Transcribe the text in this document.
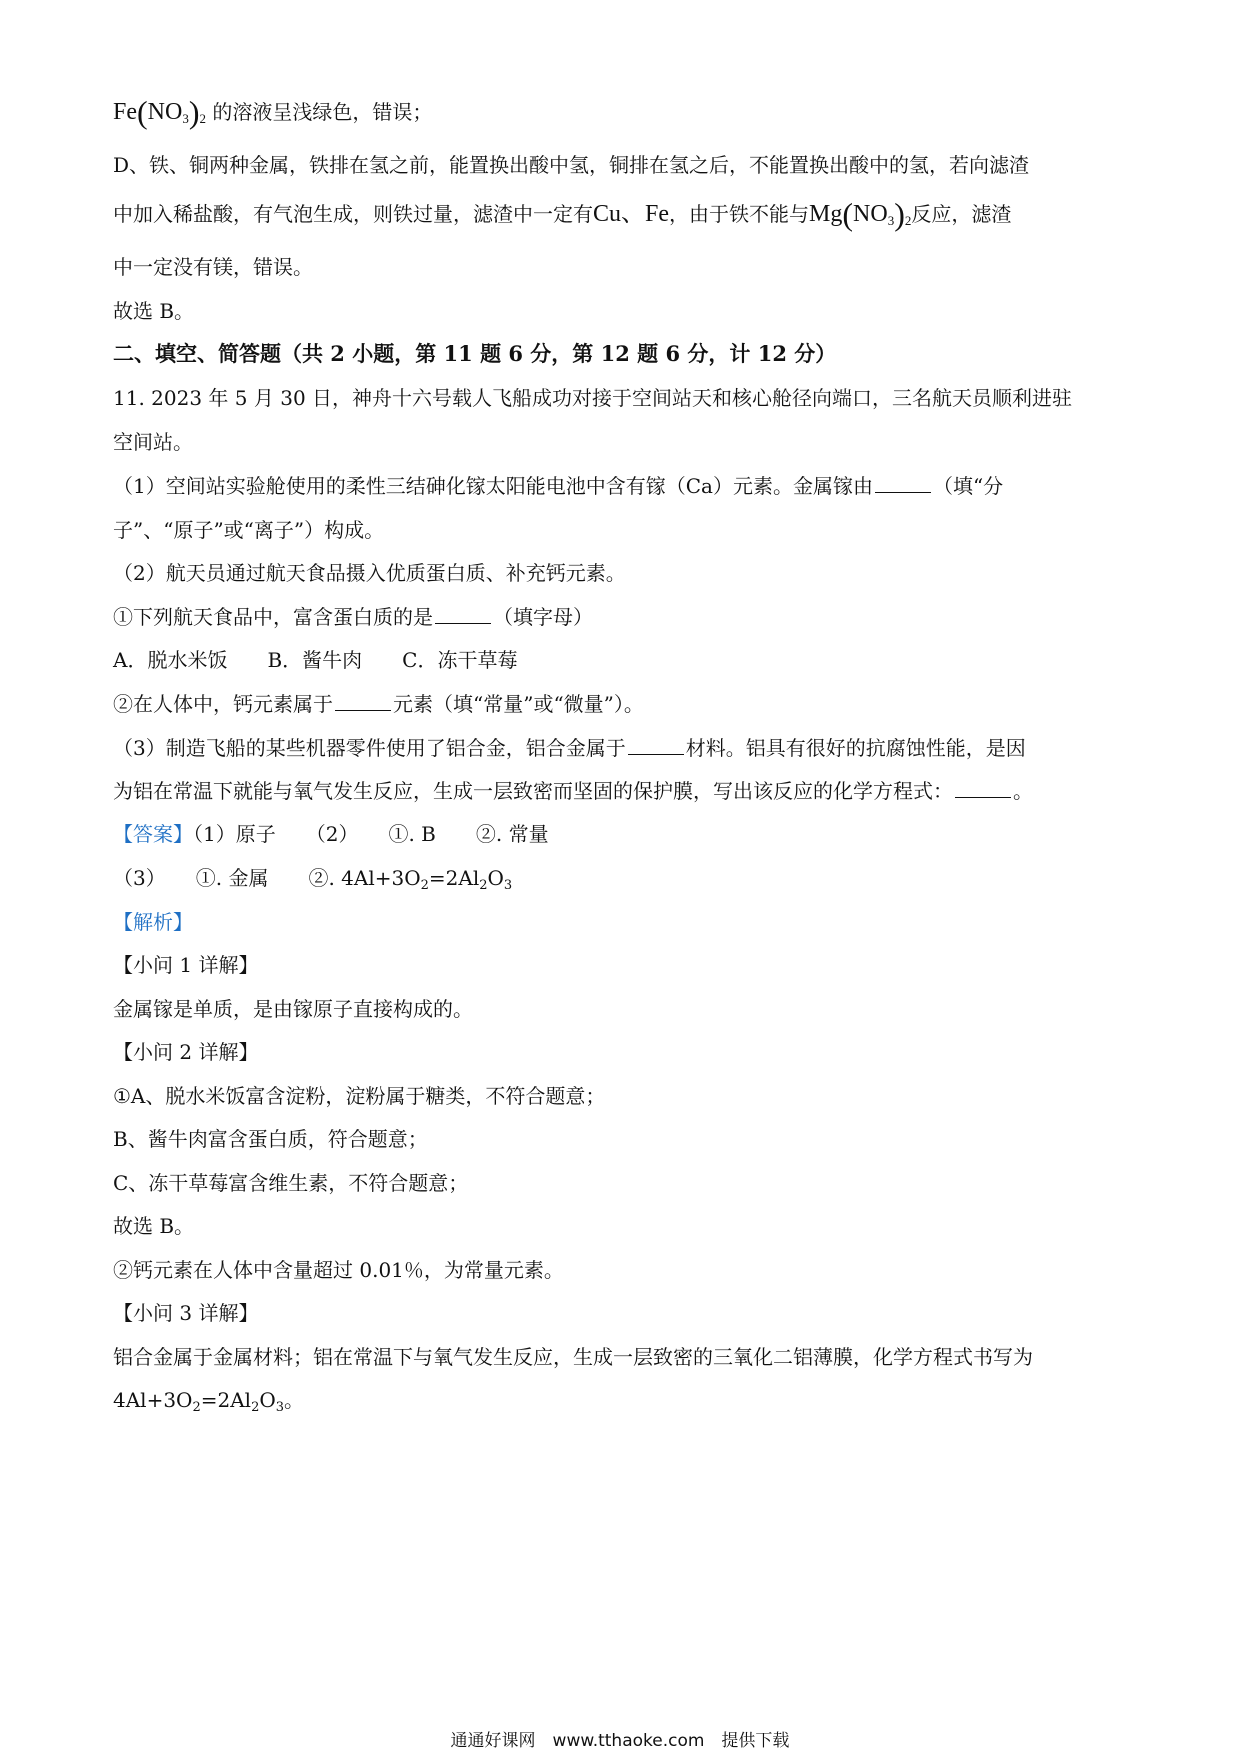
$Fe(NO_3)_2$ 的溶液呈浅绿色，错误；
D、铁、铜两种金属，铁排在氢之前，能置换出酸中氢，铜排在氢之后，不能置换出酸中的氢，若向滤渣
中加入稀盐酸，有气泡生成，则铁过量，滤渣中一定有Cu、Fe，由于铁不能与$Mg(NO_3)_2$反应，滤渣
中一定没有镁，错误。
故选 B。
二、填空、简答题（共 2 小题，第 11 题 6 分，第 12 题 6 分，计 12 分）
11. 2023 年 5 月 30 日，神舟十六号载人飞船成功对接于空间站天和核心舱径向端口，三名航天员顺利进驻
空间站。
（1）空间站实验舱使用的柔性三结砷化镓太阳能电池中含有镓（Ca）元素。金属镓由	（填“分
子”、“原子”或“离子”）构成。
（2）航天员通过航天食品摄入优质蛋白质、补充钙元素。
①下列航天食品中，富含蛋白质的是	（填字母）
A．脱水米饭　　B．酱牛肉　　C．冻干草莓
②在人体中，钙元素属于	元素（填“常量”或“微量”）。
（3）制造飞船的某些机器零件使用了铝合金，铝合金属于	材料。铝具有很好的抗腐蚀性能，是因
为铝在常温下就能与氧气发生反应，生成一层致密而坚固的保护膜，写出该反应的化学方程式：	。
【答案】（1）原子　　（2）　　①. B　　②. 常量
（3）　　①. 金属　　②. $4Al+3O_2=2Al_2O_3$
【解析】
【小问 1 详解】
金属镓是单质，是由镓原子直接构成的。
【小问 2 详解】
①A、脱水米饭富含淀粉，淀粉属于糖类，不符合题意；
B、酱牛肉富含蛋白质，符合题意；
C、冻干草莓富含维生素，不符合题意；
故选 B。
②钙元素在人体中含量超过 0.01％，为常量元素。
【小问 3 详解】
铝合金属于金属材料；铝在常温下与氧气发生反应，生成一层致密的三氧化二铝薄膜，化学方程式书写为
$4Al+3O_2=2Al_2O_3$。
通通好课网　www.tthaoke.com　提供下载
